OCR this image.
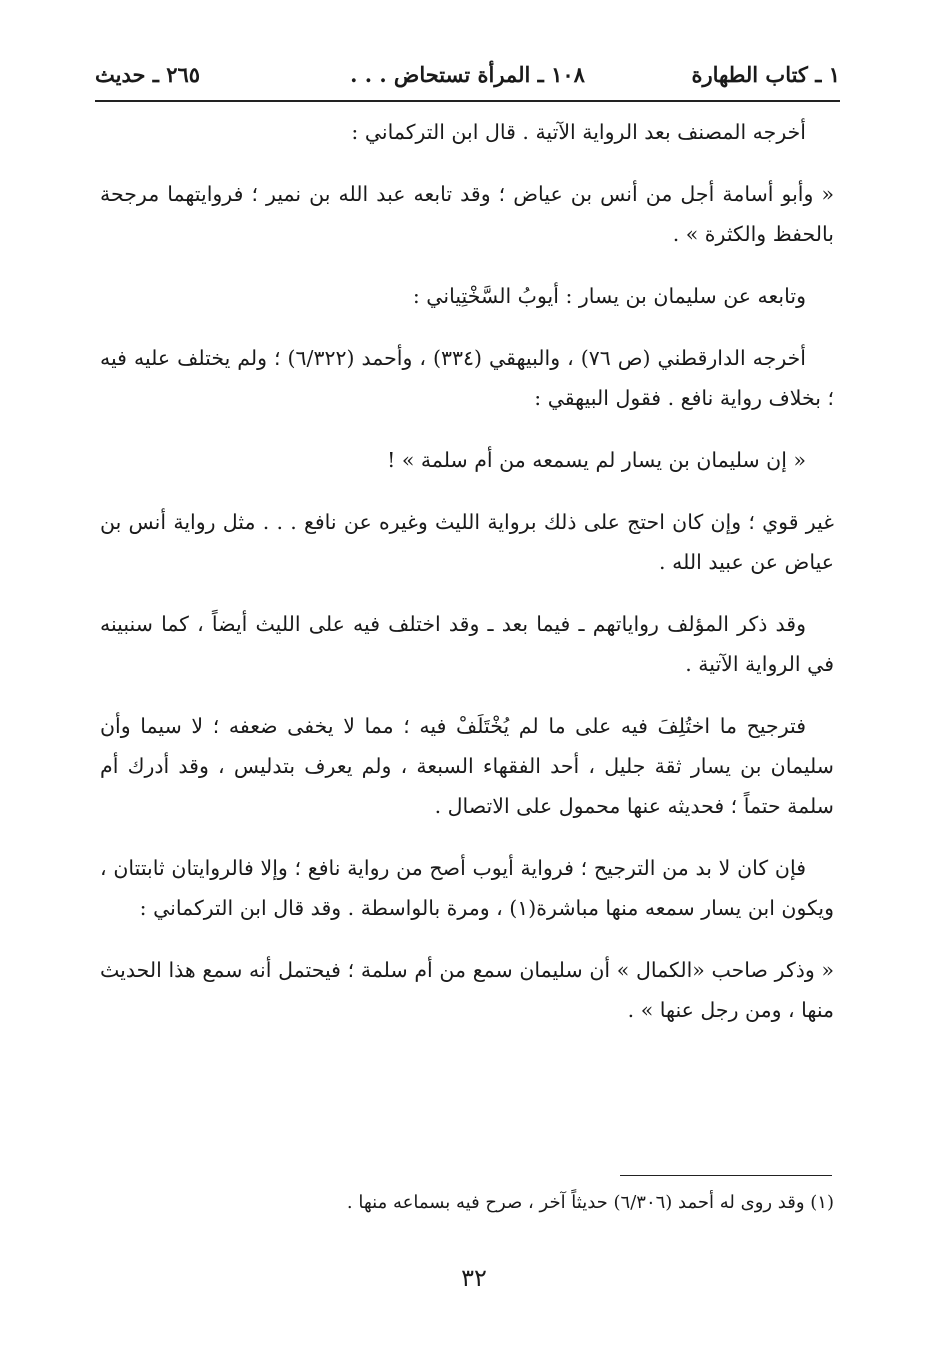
١ ـ كتاب الطهارة
١٠٨ ـ المرأة تستحاض . . .
٢٦٥ ـ حديث

أخرجه المصنف بعد الرواية الآتية . قال ابن التركماني :

« وأبو أسامة أجل من أنس بن عياض ؛ وقد تابعه عبد الله بن نمير ؛ فروايتهما مرجحة بالحفظ والكثرة » .

وتابعه عن سليمان بن يسار : أيوبُ السَّخْتِياني :

أخرجه الدارقطني (ص ٧٦) ، والبيهقي (٣٣٤) ، وأحمد (٦/٣٢٢) ؛ ولم يختلف عليه فيه ؛ بخلاف رواية نافع . فقول البيهقي :

« إن سليمان بن يسار لم يسمعه من أم سلمة » !

غير قوي ؛ وإن كان احتج على ذلك برواية الليث وغيره عن نافع . . . مثل رواية أنس بن عياض عن عبيد الله .

وقد ذكر المؤلف رواياتهم ـ فيما بعد ـ وقد اختلف فيه على الليث أيضاً ، كما سنبينه في الرواية الآتية .

فترجيح ما اختُلِفَ فيه على ما لم يُخْتَلَفْ فيه ؛ مما لا يخفى ضعفه ؛ لا سيما وأن سليمان بن يسار ثقة جليل ، أحد الفقهاء السبعة ، ولم يعرف بتدليس ، وقد أدرك أم سلمة حتماً ؛ فحديثه عنها محمول على الاتصال .

فإن كان لا بد من الترجيح ؛ فرواية أيوب أصح من رواية نافع ؛ وإلا فالروايتان ثابتتان ، ويكون ابن يسار سمعه منها مباشرة(١) ، ومرة بالواسطة . وقد قال ابن التركماني :

« وذكر صاحب «الكمال » أن سليمان سمع من أم سلمة ؛ فيحتمل أنه سمع هذا الحديث منها ، ومن رجل عنها » .

(١) وقد روى له أحمد (٦/٣٠٦) حديثاً آخر ، صرح فيه بسماعه منها .
٣٢
